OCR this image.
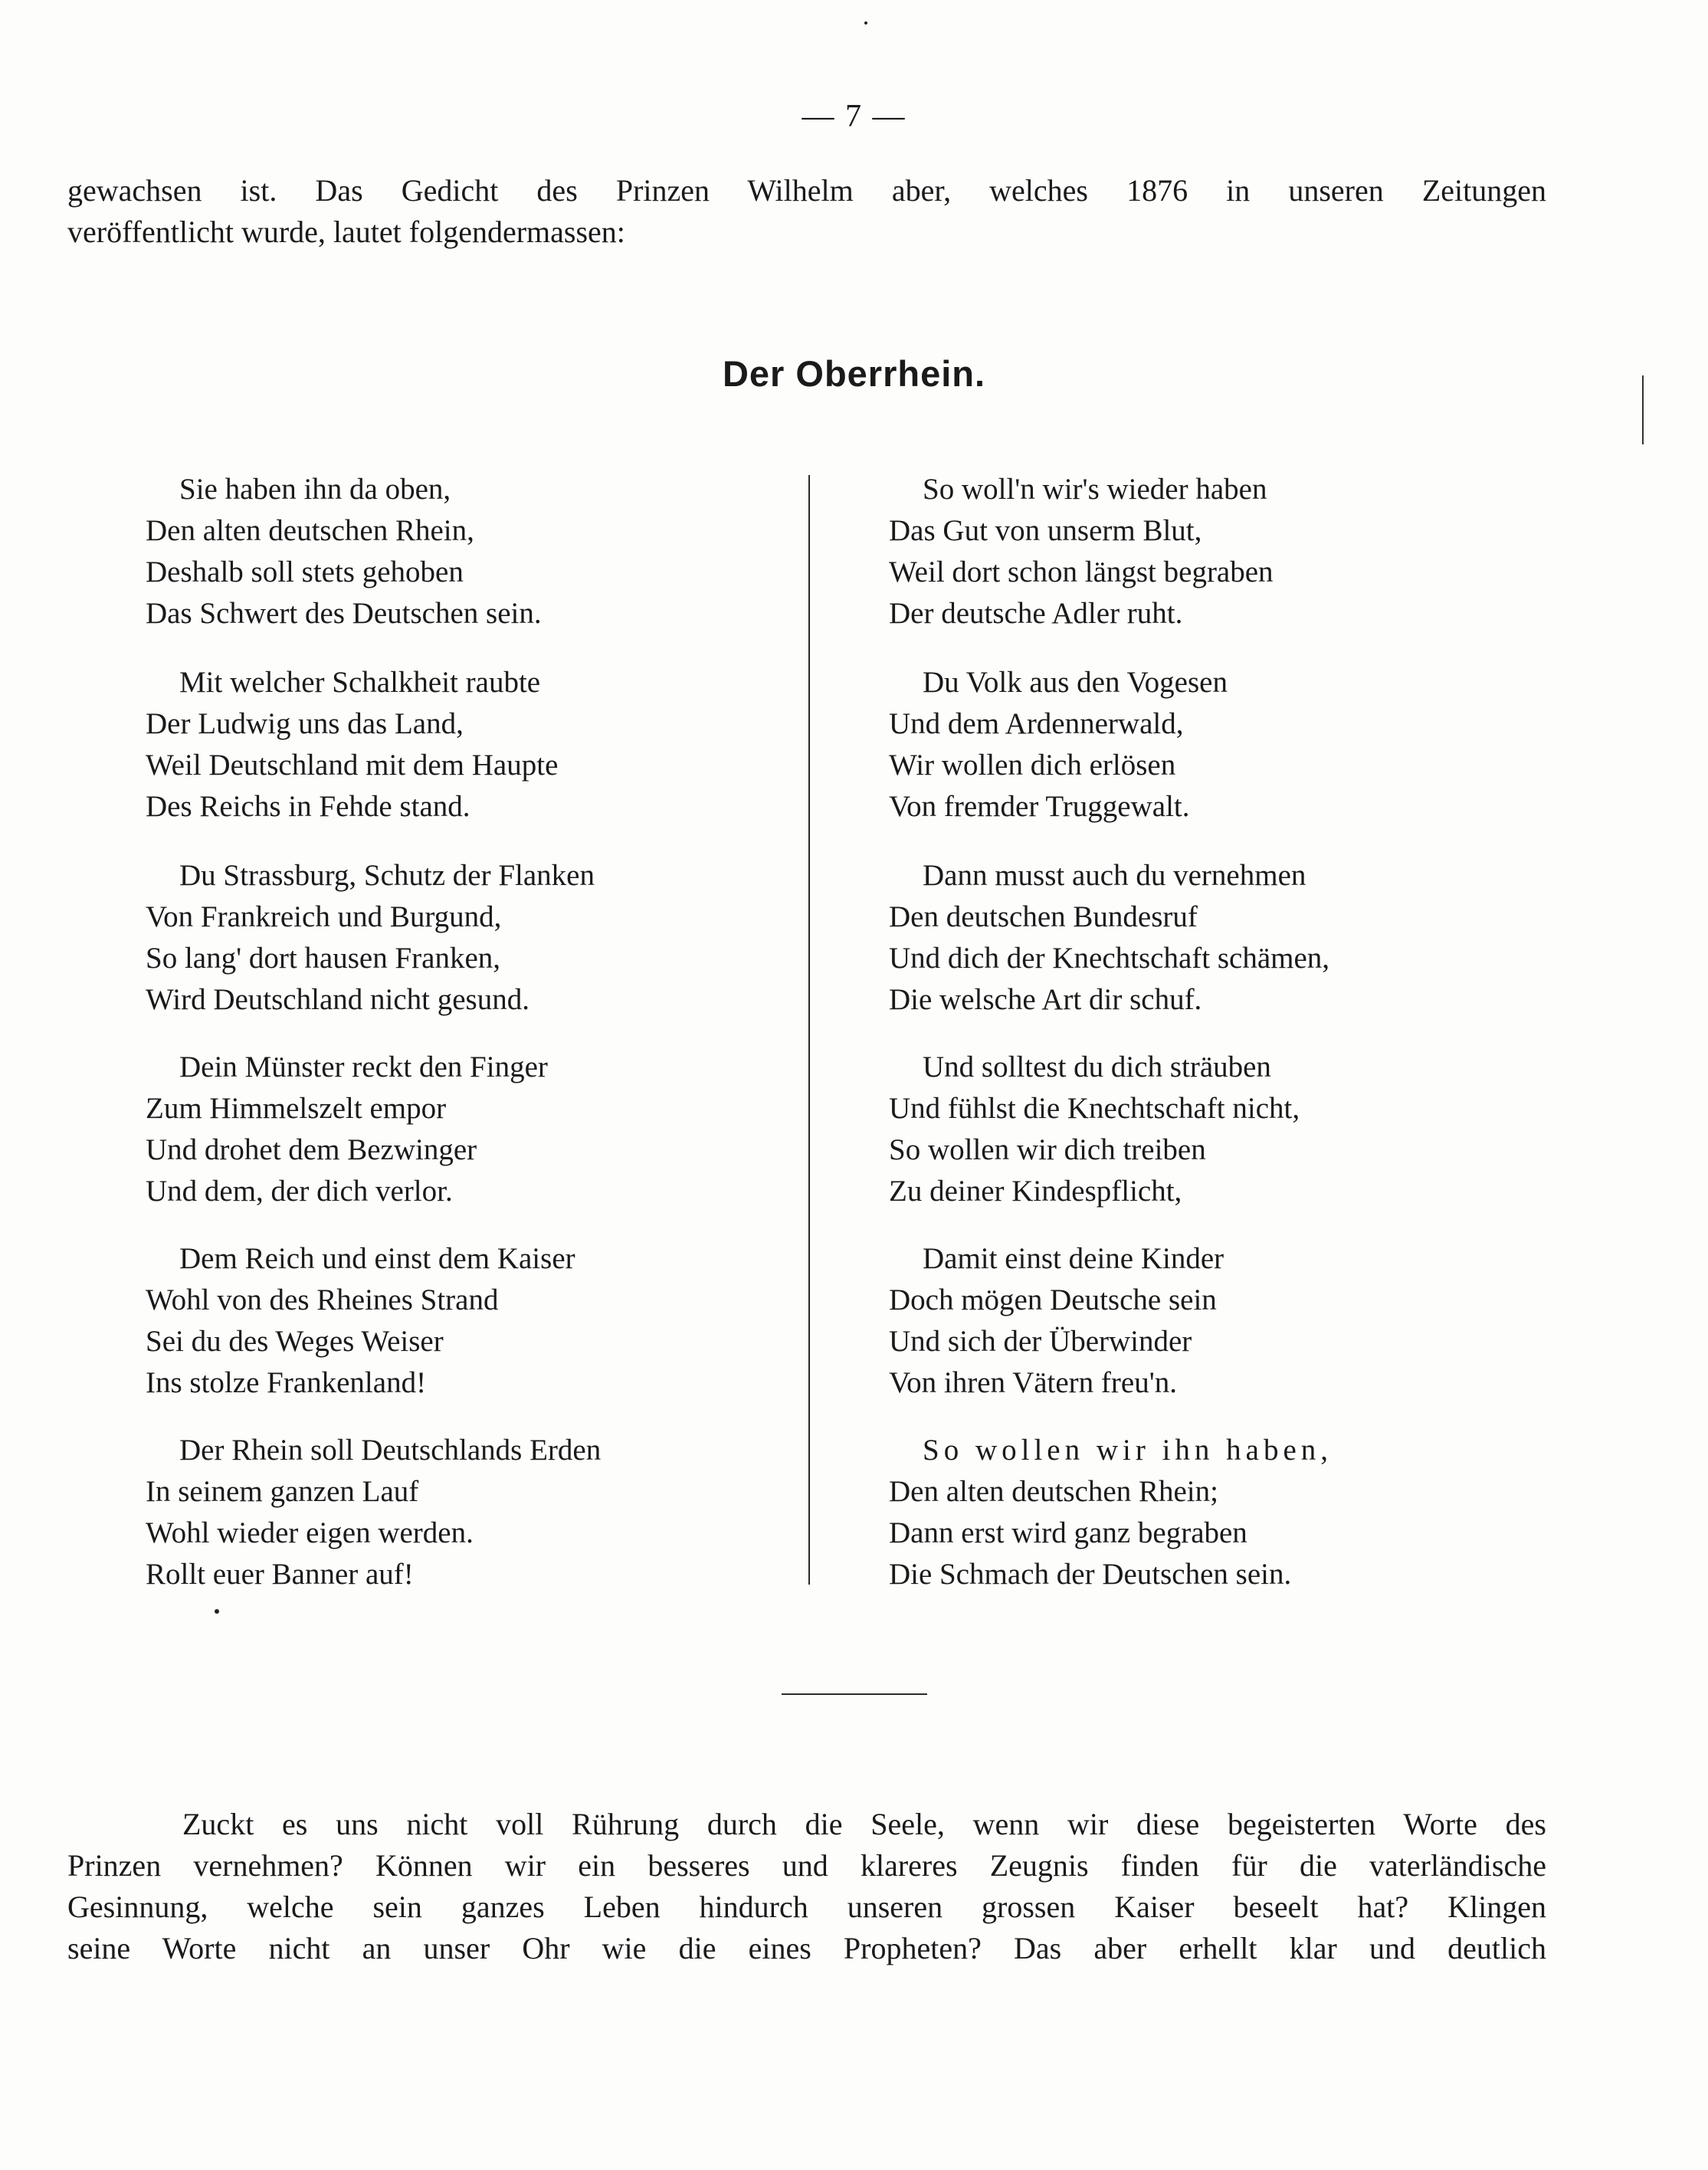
— 7 —
gewachsen ist. Das Gedicht des Prinzen Wilhelm aber, welches 1876 in unseren Zeitungen
veröffentlicht wurde, lautet folgendermassen:
Der Oberrhein.
Sie haben ihn da oben,
Den alten deutschen Rhein,
Deshalb soll stets gehoben
Das Schwert des Deutschen sein.
Mit welcher Schalkheit raubte
Der Ludwig uns das Land,
Weil Deutschland mit dem Haupte
Des Reichs in Fehde stand.
Du Strassburg, Schutz der Flanken
Von Frankreich und Burgund,
So lang' dort hausen Franken,
Wird Deutschland nicht gesund.
Dein Münster reckt den Finger
Zum Himmelszelt empor
Und drohet dem Bezwinger
Und dem, der dich verlor.
Dem Reich und einst dem Kaiser
Wohl von des Rheines Strand
Sei du des Weges Weiser
Ins stolze Frankenland!
Der Rhein soll Deutschlands Erden
In seinem ganzen Lauf
Wohl wieder eigen werden.
Rollt euer Banner auf!
So woll'n wir's wieder haben
Das Gut von unserm Blut,
Weil dort schon längst begraben
Der deutsche Adler ruht.
Du Volk aus den Vogesen
Und dem Ardennerwald,
Wir wollen dich erlösen
Von fremder Truggewalt.
Dann musst auch du vernehmen
Den deutschen Bundesruf
Und dich der Knechtschaft schämen,
Die welsche Art dir schuf.
Und solltest du dich sträuben
Und fühlst die Knechtschaft nicht,
So wollen wir dich treiben
Zu deiner Kindespflicht,
Damit einst deine Kinder
Doch mögen Deutsche sein
Und sich der Überwinder
Von ihren Vätern freu'n.
So wollen wir ihn haben,
Den alten deutschen Rhein;
Dann erst wird ganz begraben
Die Schmach der Deutschen sein.
Zuckt es uns nicht voll Rührung durch die Seele, wenn wir diese begeisterten Worte des
Prinzen vernehmen? Können wir ein besseres und klareres Zeugnis finden für die vaterländische
Gesinnung, welche sein ganzes Leben hindurch unseren grossen Kaiser beseelt hat? Klingen
seine Worte nicht an unser Ohr wie die eines Propheten? Das aber erhellt klar und deutlich
